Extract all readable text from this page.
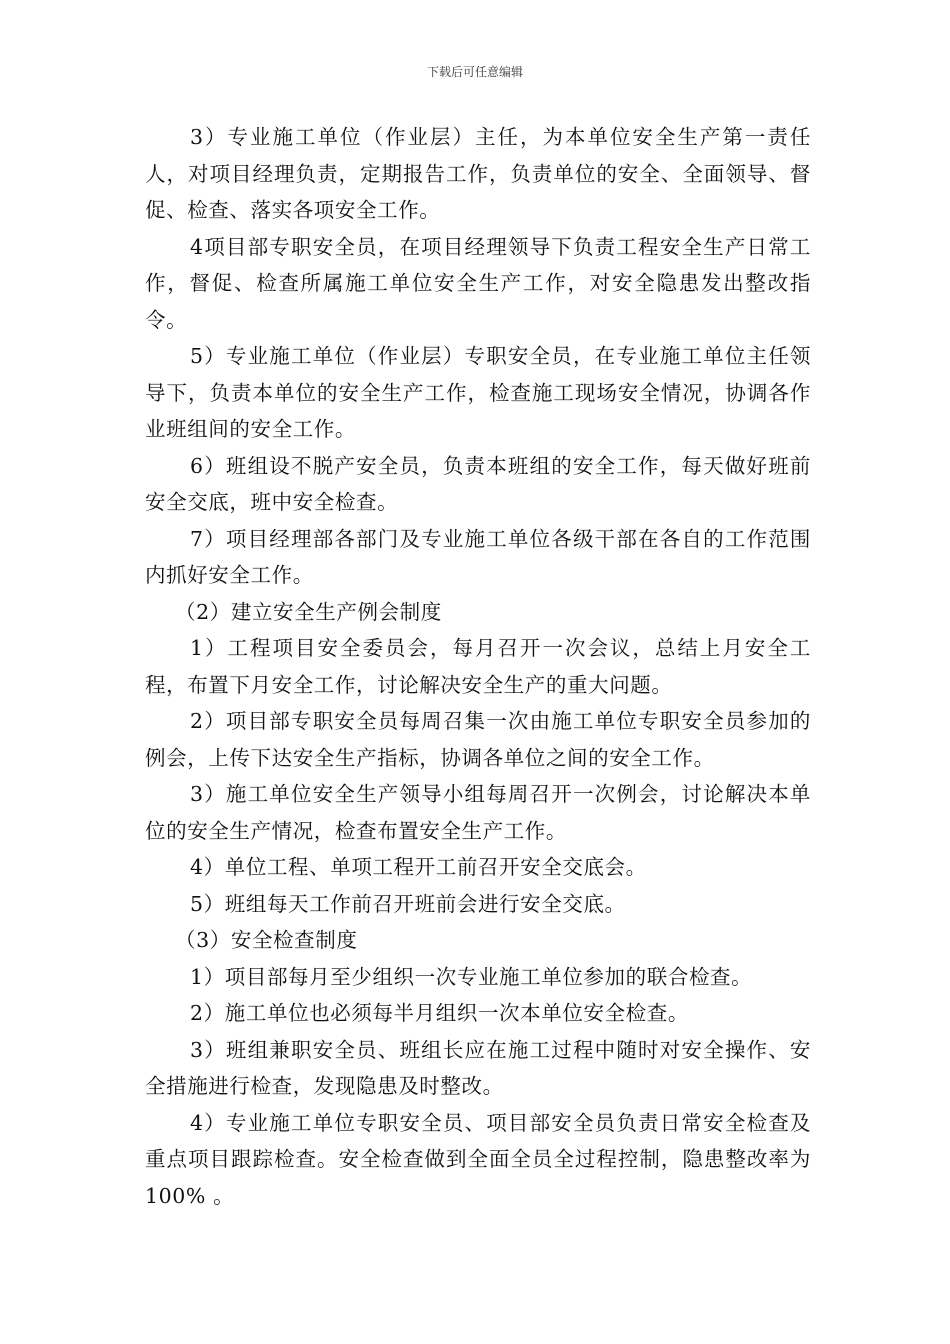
下载后可任意编辑

3）专业施工单位（作业层）主任，为本单位安全生产第一责任人，对项目经理负责，定期报告工作，负责单位的安全、全面领导、督促、检查、落实各项安全工作。

4项目部专职安全员，在项目经理领导下负责工程安全生产日常工作，督促、检查所属施工单位安全生产工作，对安全隐患发出整改指令。

5）专业施工单位（作业层）专职安全员，在专业施工单位主任领导下，负责本单位的安全生产工作，检查施工现场安全情况，协调各作业班组间的安全工作。

6）班组设不脱产安全员，负责本班组的安全工作，每天做好班前安全交底，班中安全检查。

7）项目经理部各部门及专业施工单位各级干部在各自的工作范围内抓好安全工作。

（2）建立安全生产例会制度

1）工程项目安全委员会，每月召开一次会议，总结上月安全工程，布置下月安全工作，讨论解决安全生产的重大问题。

2）项目部专职安全员每周召集一次由施工单位专职安全员参加的例会，上传下达安全生产指标，协调各单位之间的安全工作。

3）施工单位安全生产领导小组每周召开一次例会，讨论解决本单位的安全生产情况，检查布置安全生产工作。

4）单位工程、单项工程开工前召开安全交底会。

5）班组每天工作前召开班前会进行安全交底。

（3）安全检查制度

1）项目部每月至少组织一次专业施工单位参加的联合检查。

2）施工单位也必须每半月组织一次本单位安全检查。

3）班组兼职安全员、班组长应在施工过程中随时对安全操作、安全措施进行检查，发现隐患及时整改。

4）专业施工单位专职安全员、项目部安全员负责日常安全检查及重点项目跟踪检查。安全检查做到全面全员全过程控制，隐患整改率为100% 。
